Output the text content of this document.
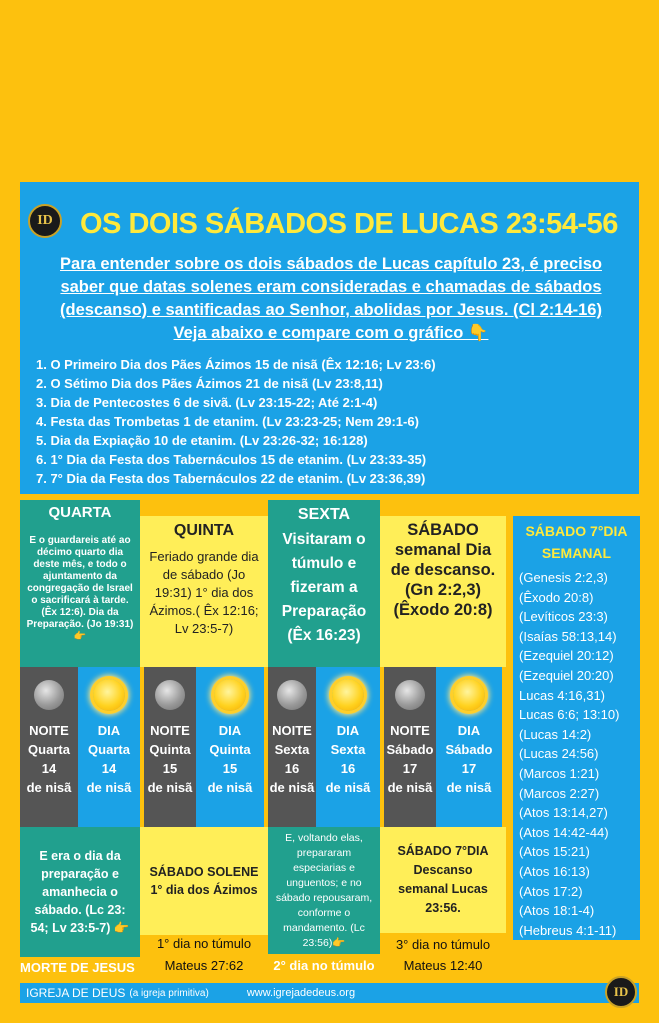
ID OS DOIS SÁBADOS DE LUCAS 23:54-56
Para entender sobre os dois sábados de Lucas capítulo 23, é preciso saber que datas solenes eram consideradas e chamadas de sábados (descanso) e santificadas ao Senhor, abolidas por Jesus. (Cl 2:14-16)
Veja abaixo e compare com o gráfico 👇
1. O Primeiro Dia dos Pães Ázimos 15 de nisã (Êx 12:16; Lv 23:6)
2. O Sétimo Dia dos Pães Ázimos 21 de nisã (Lv 23:8,11)
3. Dia de Pentecostes 6 de sivã. (Lv 23:15-22; Até 2:1-4)
4. Festa das Trombetas 1 de etanim. (Lv 23:23-25; Nem 29:1-6)
5. Dia da Expiação 10 de etanim. (Lv 23:26-32; 16:128)
6. 1° Dia da Festa dos Tabernáculos 15 de etanim. (Lv 23:33-35)
7. 7° Dia da Festa dos Tabernáculos 22 de etanim. (Lv 23:36,39)
QUARTA
E o guardareis até ao décimo quarto dia deste mês, e todo o ajuntamento da congregação de Israel o sacrificará à tarde. (Êx 12:6). Dia da Preparação. (Jo 19:31)👉
NOITE
Quarta
14
de nisã
DIA
Quarta
14
de nisã
E era o dia da preparação e amanhecia o sábado. (Lc 23: 54; Lv 23:5-7) 👉
MORTE DE JESUS
QUINTA
Feriado grande dia de sábado (Jo 19:31) 1° dia dos Ázimos.( Êx 12:16; Lv 23:5-7)
NOITE
Quinta
15
de nisã
DIA
Quinta
15
de nisã
SÁBADO SOLENE 1° dia dos Ázimos
1° dia no túmulo
Mateus 27:62
SEXTA
Visitaram o túmulo e fizeram a Preparação (Êx 16:23)
NOITE
Sexta
16
de nisã
DIA
Sexta
16
de nisã
E, voltando elas, prepararam especiarias e unguentos; e no sábado repousaram, conforme o mandamento. (Lc 23:56)👉
2° dia no túmulo
SÁBADO semanal Dia de descanso.
(Gn 2:2,3) (Êxodo 20:8)
NOITE
Sábado
17
de nisã
DIA
Sábado
17
de nisã
SÁBADO 7°DIA Descanso semanal Lucas 23:56.
3° dia no túmulo
Mateus 12:40
SÁBADO 7°DIA SEMANAL
(Genesis 2:2,3)
(Êxodo 20:8)
(Levíticos 23:3)
(Isaías 58:13,14)
(Ezequiel 20:12)
(Ezequiel 20:20)
Lucas 4:16,31)
Lucas 6:6; 13:10)
(Lucas 14:2)
(Lucas 24:56)
(Marcos 1:21)
(Marcos 2:27)
(Atos 13:14,27)
(Atos 14:42-44)
(Atos 15:21)
(Atos 16:13)
(Atos 17:2)
(Atos 18:1-4)
(Hebreus 4:1-11)
IGREJA DE DEUS (a igreja primitiva)	www.igrejadedeus.org	ID
